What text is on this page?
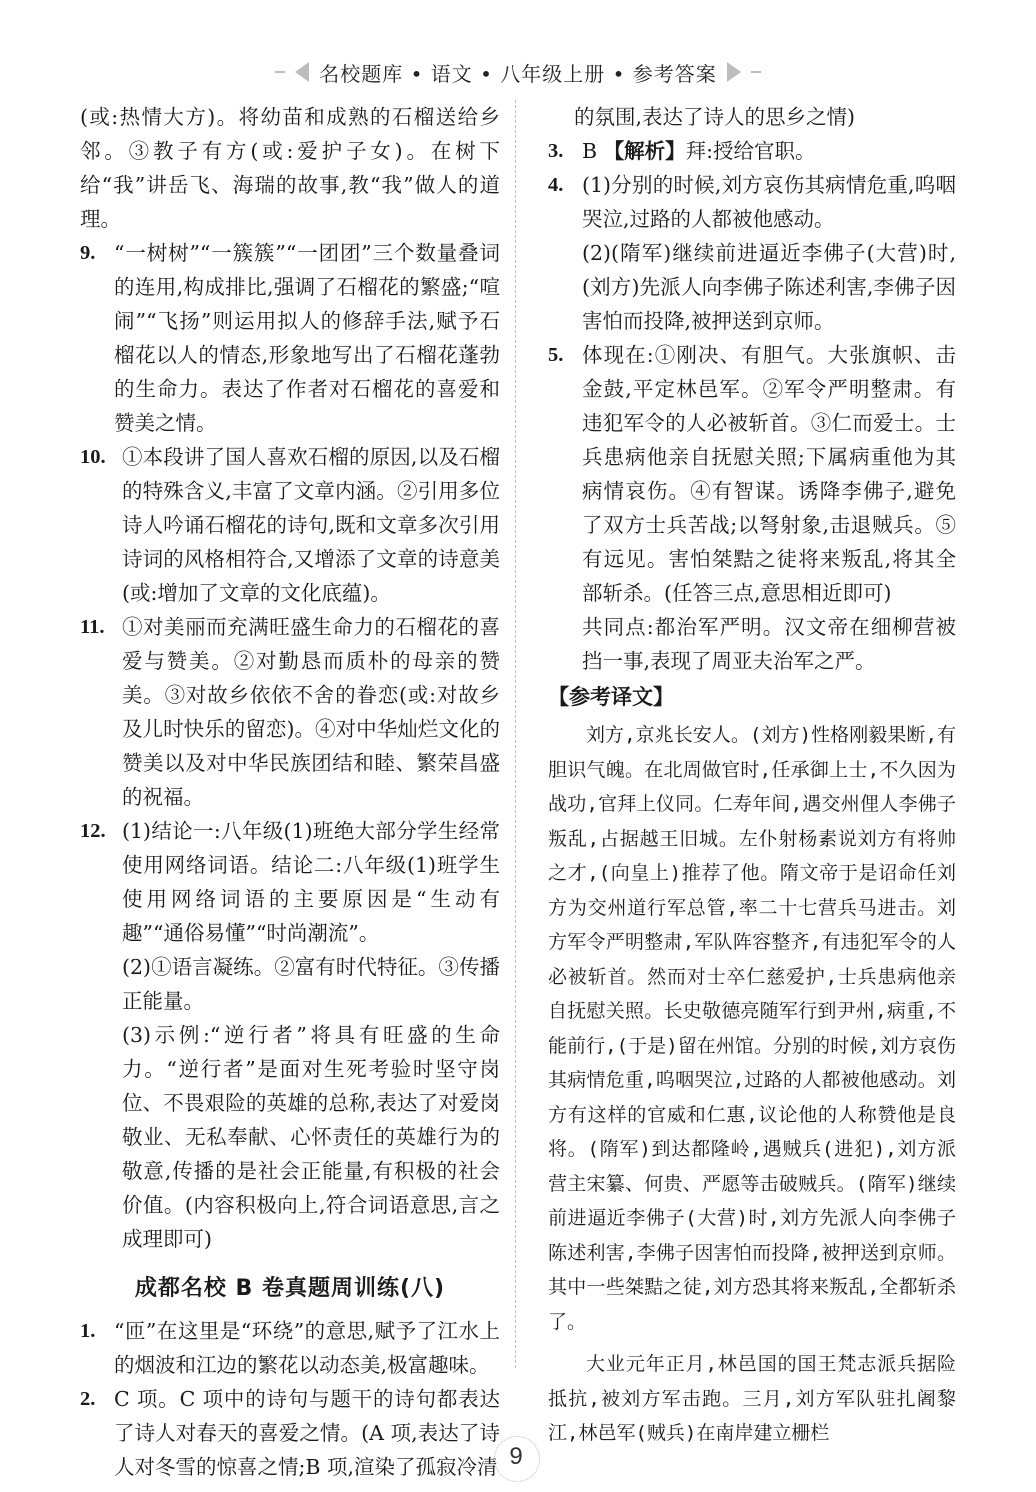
名校题库 • 语文 • 八年级上册 • 参考答案

(或:热情大方)。将幼苗和成熟的石榴送给乡邻。③教子有方(或:爱护子女)。在树下给“我”讲岳飞、海瑞的故事,教“我”做人的道理。

9. “一树树”“一簇簇”“一团团”三个数量叠词的连用,构成排比,强调了石榴花的繁盛;“喧闹”“飞扬”则运用拟人的修辞手法,赋予石榴花以人的情态,形象地写出了石榴花蓬勃的生命力。表达了作者对石榴花的喜爱和赞美之情。
10. ①本段讲了国人喜欢石榴的原因,以及石榴的特殊含义,丰富了文章内涵。②引用多位诗人吟诵石榴花的诗句,既和文章多次引用诗词的风格相符合,又增添了文章的诗意美(或:增加了文章的文化底蕴)。
11. ①对美丽而充满旺盛生命力的石榴花的喜爱与赞美。②对勤恳而质朴的母亲的赞美。③对故乡依依不舍的眷恋(或:对故乡及儿时快乐的留恋)。④对中华灿烂文化的赞美以及对中华民族团结和睦、繁荣昌盛的祝福。
12. (1)结论一:八年级(1)班绝大部分学生经常使用网络词语。结论二:八年级(1)班学生使用网络词语的主要原因是“生动有趣”“通俗易懂”“时尚潮流”。

(2)①语言凝练。②富有时代特征。③传播正能量。

(3)示例:“逆行者”将具有旺盛的生命力。“逆行者”是面对生死考验时坚守岗位、不畏艰险的英雄的总称,表达了对爱岗敬业、无私奉献、心怀责任的英雄行为的敬意,传播的是社会正能量,有积极的社会价值。(内容积极向上,符合词语意思,言之成理即可)

成都名校 B 卷真题周训练(八)
1. “匝”在这里是“环绕”的意思,赋予了江水上的烟波和江边的繁花以动态美,极富趣味。
2. C 项。C 项中的诗句与题干的诗句都表达了诗人对春天的喜爱之情。(A 项,表达了诗人对冬雪的惊喜之情;B 项,渲染了孤寂冷清

的氛围,表达了诗人的思乡之情)

3. B 【解析】拜:授给官职。
4. (1)分别的时候,刘方哀伤其病情危重,呜咽哭泣,过路的人都被他感动。
(2)(隋军)继续前进逼近李佛子(大营)时,(刘方)先派人向李佛子陈述利害,李佛子因害怕而投降,被押送到京师。
5. 体现在:①刚决、有胆气。大张旗帜、击金鼓,平定林邑军。②军令严明整肃。有违犯军令的人必被斩首。③仁而爱士。士兵患病他亲自抚慰关照;下属病重他为其病情哀伤。④有智谋。诱降李佛子,避免了双方士兵苦战;以弩射象,击退贼兵。⑤有远见。害怕桀黠之徒将来叛乱,将其全部斩杀。(任答三点,意思相近即可)
共同点:都治军严明。汉文帝在细柳营被挡一事,表现了周亚夫治军之严。
【参考译文】

刘方,京兆长安人。(刘方)性格刚毅果断,有胆识气魄。在北周做官时,任承御上士,不久因为战功,官拜上仪同。仁寿年间,遇交州俚人李佛子叛乱,占据越王旧城。左仆射杨素说刘方有将帅之才,(向皇上)推荐了他。隋文帝于是诏命任刘方为交州道行军总管,率二十七营兵马进击。刘方军令严明整肃,军队阵容整齐,有违犯军令的人必被斩首。然而对士卒仁慈爱护,士兵患病他亲自抚慰关照。长史敬德亮随军行到尹州,病重,不能前行,(于是)留在州馆。分别的时候,刘方哀伤其病情危重,呜咽哭泣,过路的人都被他感动。刘方有这样的官威和仁惠,议论他的人称赞他是良将。(隋军)到达都隆岭,遇贼兵(进犯),刘方派营主宋纂、何贵、严愿等击破贼兵。(隋军)继续前进逼近李佛子(大营)时,刘方先派人向李佛子陈述利害,李佛子因害怕而投降,被押送到京师。其中一些桀黠之徒,刘方恐其将来叛乱,全都斩杀了。

大业元年正月,林邑国的国王梵志派兵据险抵抗,被刘方军击跑。三月,刘方军队驻扎阇黎江,林邑军(贼兵)在南岸建立栅栏

9
